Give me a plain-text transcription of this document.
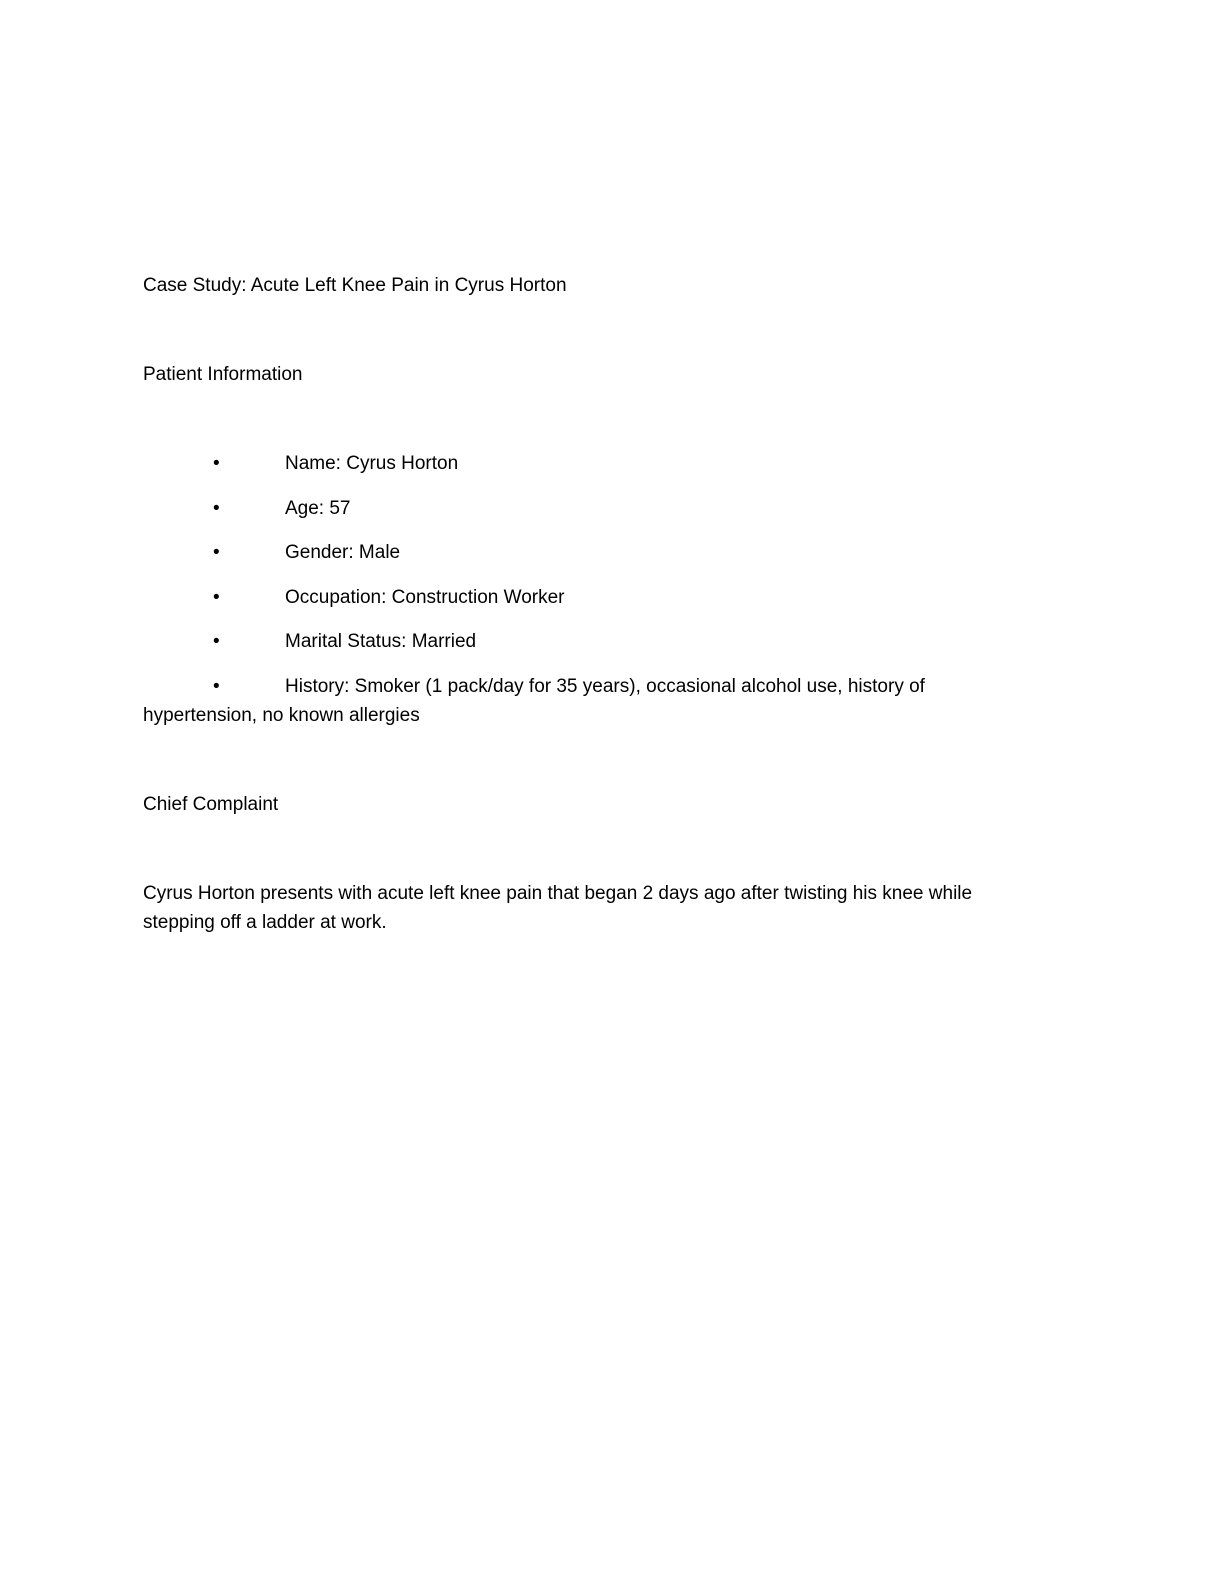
Case Study: Acute Left Knee Pain in Cyrus Horton
Patient Information
•	Name: Cyrus Horton
•	Age: 57
•	Gender: Male
•	Occupation: Construction Worker
•	Marital Status: Married
•	History: Smoker (1 pack/day for 35 years), occasional alcohol use, history of hypertension, no known allergies
Chief Complaint
Cyrus Horton presents with acute left knee pain that began 2 days ago after twisting his knee while stepping off a ladder at work.
